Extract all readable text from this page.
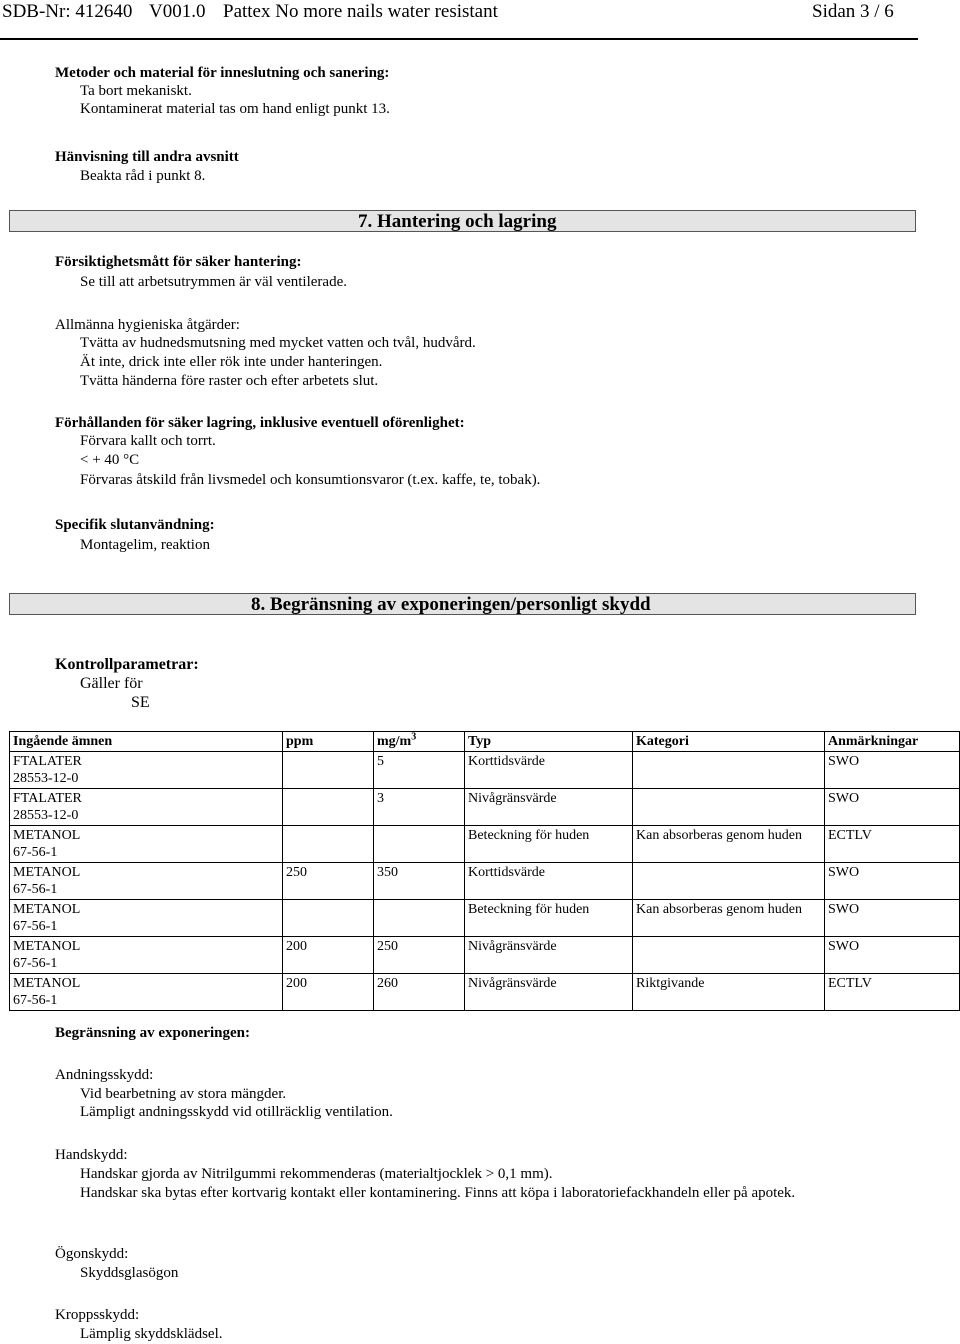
SDB-Nr: 412640 V001.0 Pattex No more nails water resistant	Sidan 3 / 6
Metoder och material för inneslutning och sanering:
Ta bort mekaniskt.
Kontaminerat material tas om hand enligt punkt 13.
Hänvisning till andra avsnitt
Beakta råd i punkt 8.
7. Hantering och lagring
Försiktighetsmått för säker hantering:
Se till att arbetsutrymmen är väl ventilerade.
Allmänna hygieniska åtgärder:
Tvätta av hudnedsmutsning med mycket vatten och tvål, hudvård.
Ät inte, drick inte eller rök inte under hanteringen.
Tvätta händerna före raster och efter arbetets slut.
Förhållanden för säker lagring, inklusive eventuell oförenlighet:
Förvara kallt och torrt.
< + 40 °C
Förvaras åtskild från livsmedel och konsumtionsvaror (t.ex. kaffe, te, tobak).
Specifik slutanvändning:
Montagelim, reaktion
8. Begränsning av exponeringen/personligt skydd
Kontrollparametrar:
Gäller för
SE
Ingående ämnen	ppm	$mg/m^3$	Typ	Kategori	Anmärkningar

FTALATER
28553-12-0		5	Korttidsvärde		SWO

FTALATER
28553-12-0		3	Nivågränsvärde		SWO

METANOL
67-56-1			Beteckning för huden	Kan absorberas genom huden	ECTLV

METANOL
67-56-1	250	350	Korttidsvärde		SWO

METANOL
67-56-1			Beteckning för huden	Kan absorberas genom huden	SWO

METANOL
67-56-1	200	250	Nivågränsvärde		SWO

METANOL
67-56-1	200	260	Nivågränsvärde	Riktgivande	ECTLV
Begränsning av exponeringen:
Andningsskydd:
Vid bearbetning av stora mängder.
Lämpligt andningsskydd vid otillräcklig ventilation.
Handskydd:
Handskar gjorda av Nitrilgummi rekommenderas (materialtjocklek > 0,1 mm).
Handskar ska bytas efter kortvarig kontakt eller kontaminering. Finns att köpa i laboratoriefackhandeln eller på apotek.
Ögonskydd:
Skyddsglasögon
Kroppsskydd:
Lämplig skyddsklädsel.
